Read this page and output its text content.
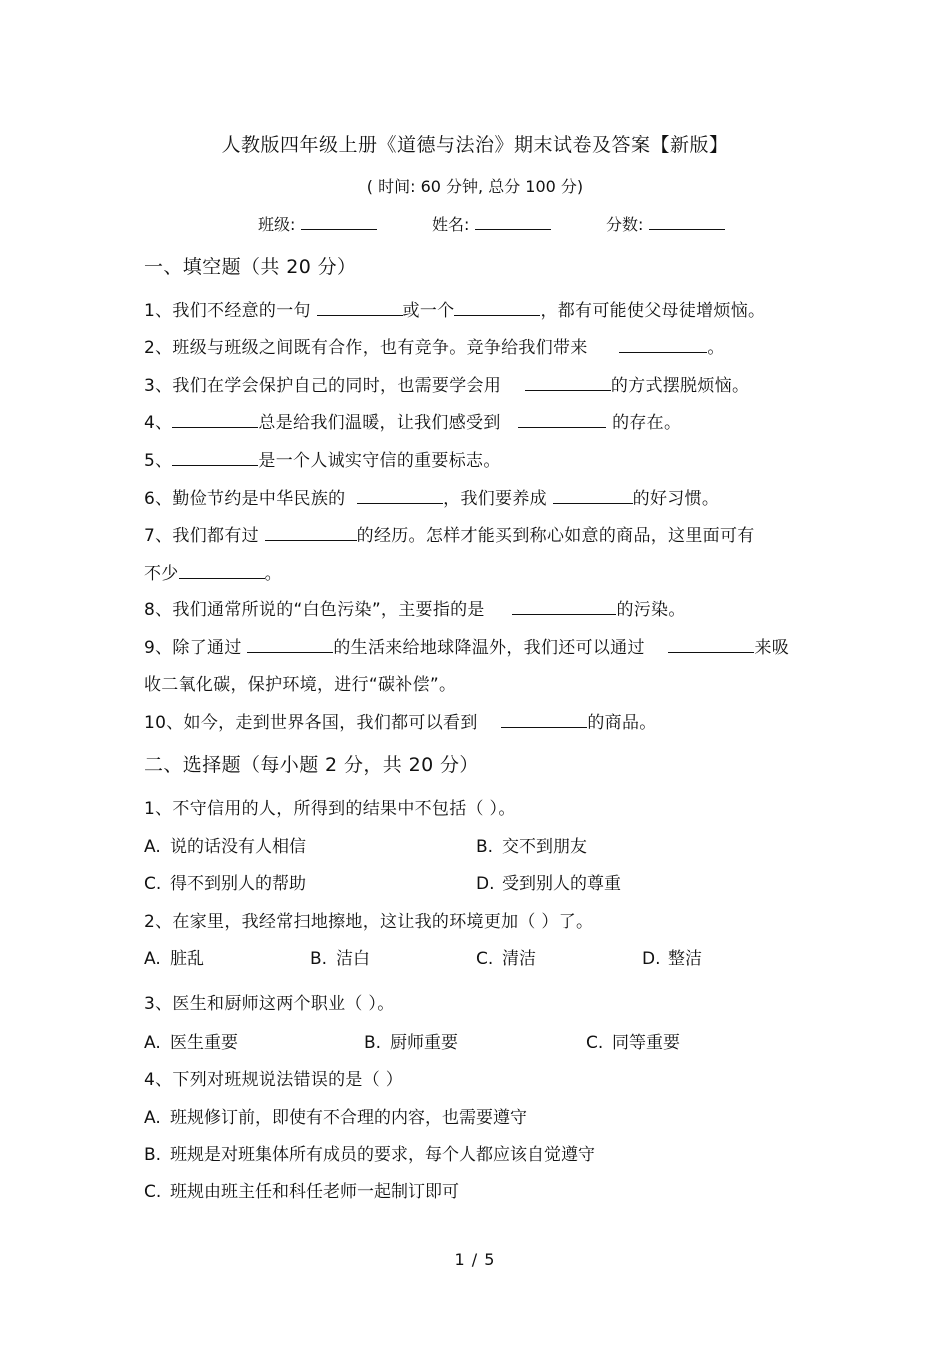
人教版四年级上册《道德与法治》期末试卷及答案【新版】
( 时间: 60 分钟, 总分 100 分)
班级:	姓名:	分数:
一、填空题（共 20 分）
1、我们不经意的一句	或一个	，都有可能使父母徒增烦恼。
2、班级与班级之间既有合作，也有竞争。竞争给我们带来	。
3、我们在学会保护自己的同时，也需要学会用	的方式摆脱烦恼。
4、	总是给我们温暖，让我们感受到	的存在。
5、	是一个人诚实守信的重要标志。
6、勤俭节约是中华民族的	，我们要养成	的好习惯。
7、我们都有过	的经历。怎样才能买到称心如意的商品，这里面可有
不少	。
8、我们通常所说的“白色污染”，主要指的是	的污染。
9、除了通过	的生活来给地球降温外，我们还可以通过	来吸
收二氧化碳，保护环境，进行“碳补偿”。
10、如今，走到世界各国，我们都可以看到	的商品。
二、选择题（每小题 2 分，共 20 分）
1、不守信用的人，所得到的结果中不包括（ ）。
A. 说的话没有人相信	B. 交不到朋友
C. 得不到别人的帮助	D. 受到别人的尊重
2、在家里，我经常扫地擦地，这让我的环境更加（ ）了。
A. 脏乱	B. 洁白	C. 清洁	D. 整洁
3、医生和厨师这两个职业（ ）。
A. 医生重要	B. 厨师重要	C. 同等重要
4、下列对班规说法错误的是（ ）
A. 班规修订前，即使有不合理的内容，也需要遵守
B. 班规是对班集体所有成员的要求，每个人都应该自觉遵守
C. 班规由班主任和科任老师一起制订即可
1 / 5
